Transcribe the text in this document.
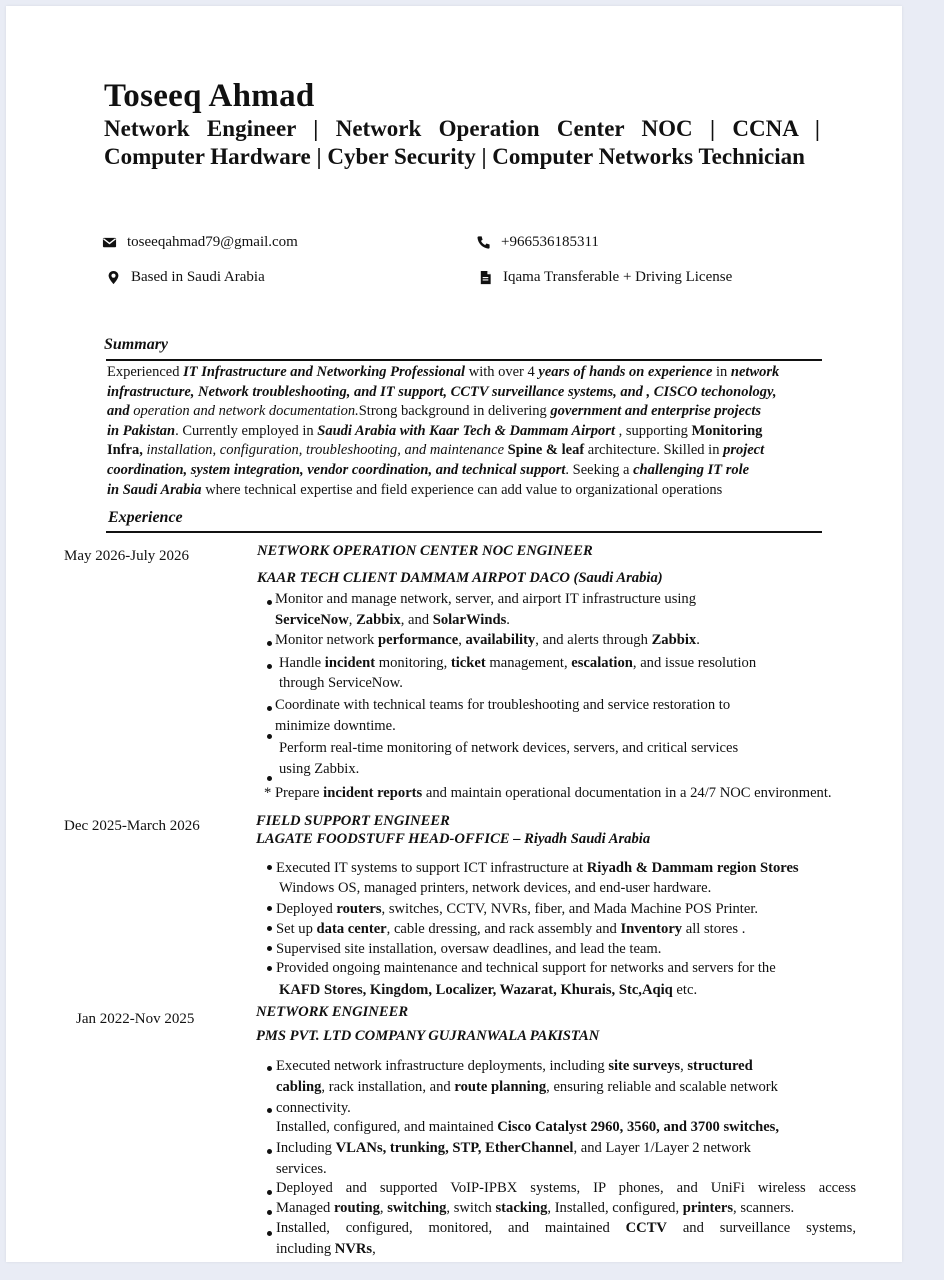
Toseeq Ahmad
Network Engineer | Network Operation Center NOC | CCNA | Computer Hardware | Cyber Security | Computer Networks Technician
toseeqahmad79@gmail.com	+966536185311
Based in Saudi Arabia	Iqama Transferable + Driving License
Summary
Experienced IT Infrastructure and Networking Professional with over 4 years of hands on experience in network
infrastructure, Network troubleshooting, and IT support, CCTV surveillance systems, and , CISCO techonology,
and operation and network documentation.Strong background in delivering government and enterprise projects
in Pakistan. Currently employed in Saudi Arabia with Kaar Tech & Dammam Airport , supporting Monitoring
Infra, installation, configuration, troubleshooting, and maintenance Spine & leaf architecture. Skilled in project
coordination, system integration, vendor coordination, and technical support. Seeking a challenging IT role
in Saudi Arabia where technical expertise and field experience can add value to organizational operations
Experience
May 2026-July 2026	NETWORK OPERATION CENTER NOC ENGINEER
KAAR TECH CLIENT DAMMAM AIRPOT DACO (Saudi Arabia)
Monitor and manage network, server, and airport IT infrastructure using
ServiceNow, Zabbix, and SolarWinds.
Monitor network performance, availability, and alerts through Zabbix.
Handle incident monitoring, ticket management, escalation, and issue resolution
through ServiceNow.
Coordinate with technical teams for troubleshooting and service restoration to
minimize downtime.
Perform real-time monitoring of network devices, servers, and critical services
using Zabbix.
* Prepare incident reports and maintain operational documentation in a 24/7 NOC environment.
Dec 2025-March 2026	FIELD SUPPORT ENGINEER
LAGATE FOODSTUFF HEAD-OFFICE – Riyadh Saudi Arabia
Executed IT systems to support ICT infrastructure at Riyadh & Dammam region Stores
Windows OS, managed printers, network devices, and end-user hardware.
Deployed routers, switches, CCTV, NVRs, fiber, and Mada Machine POS Printer.
Set up data center, cable dressing, and rack assembly and Inventory all stores .
Supervised site installation, oversaw deadlines, and lead the team.
Provided ongoing maintenance and technical support for networks and servers for the
KAFD Stores, Kingdom, Localizer, Wazarat, Khurais, Stc,Aqiq etc.
Jan 2022-Nov 2025	NETWORK ENGINEER
PMS PVT. LTD COMPANY GUJRANWALA PAKISTAN
Executed network infrastructure deployments, including site surveys, structured
cabling, rack installation, and route planning, ensuring reliable and scalable network
connectivity.
Installed, configured, and maintained Cisco Catalyst 2960, 3560, and 3700 switches,
Including VLANs, trunking, STP, EtherChannel, and Layer 1/Layer 2 network
services.
Deployed and supported VoIP-IPBX systems, IP phones, and UniFi wireless access
Managed routing, switching, switch stacking, Installed, configured, printers, scanners.
Installed, configured, monitored, and maintained CCTV and surveillance systems,
including NVRs,
